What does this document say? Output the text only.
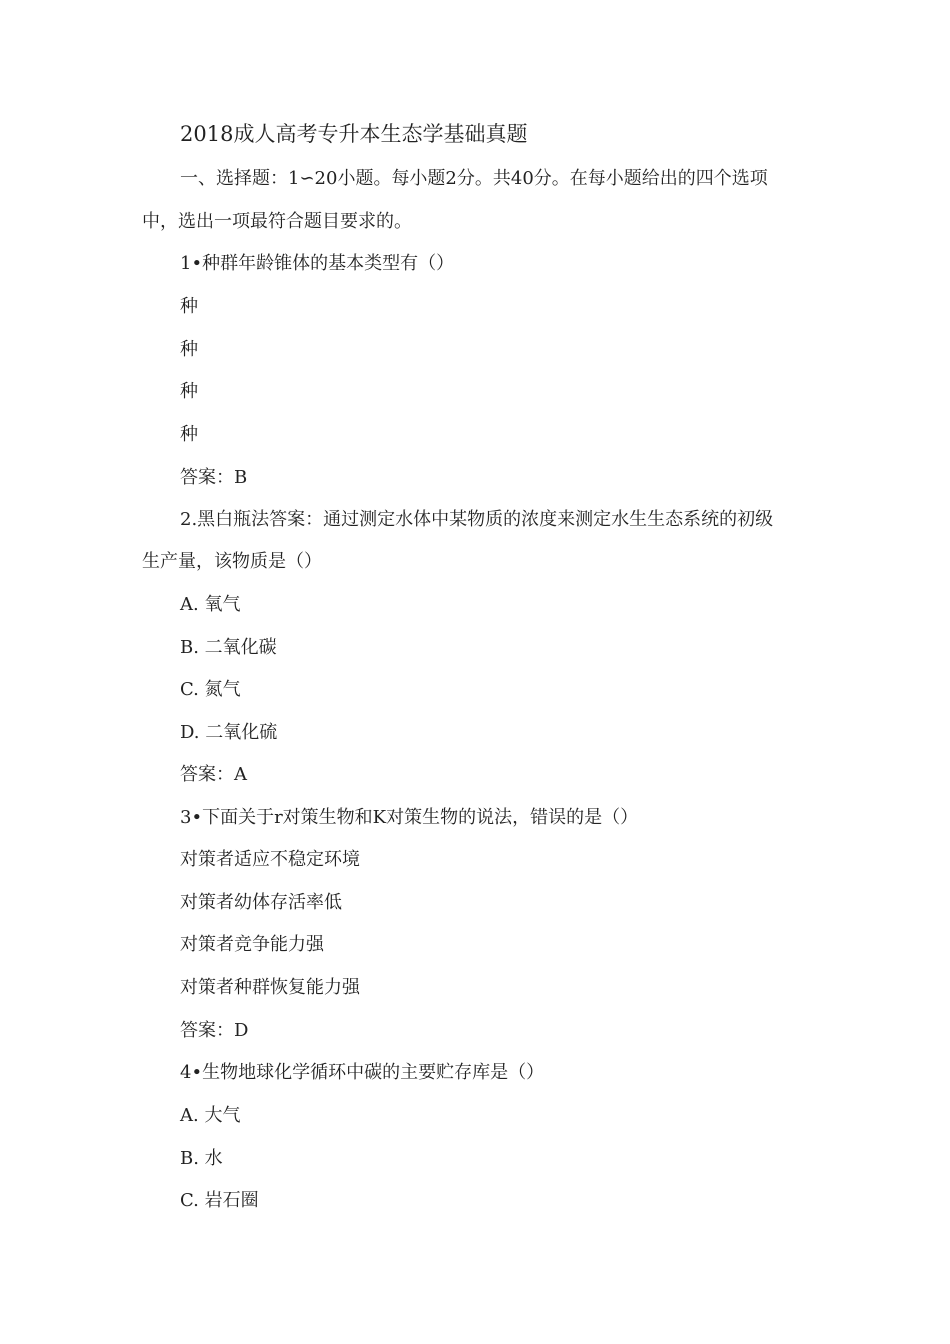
2018成人高考专升本生态学基础真题
一、选择题：1∽20小题。每小题2分。共40分。在每小题给出的四个选项
中，选出一项最符合题目要求的。
1•种群年龄锥体的基本类型有（）
种
种
种
种
答案：B
2.黑白瓶法答案：通过测定水体中某物质的浓度来测定水生生态系统的初级
生产量，该物质是（）
A. 氧气
B. 二氧化碳
C. 氮气
D. 二氧化硫
答案：A
3•下面关于r对策生物和K对策生物的说法，错误的是（）
对策者适应不稳定环境
对策者幼体存活率低
对策者竞争能力强
对策者种群恢复能力强
答案：D
4•生物地球化学循环中碳的主要贮存库是（）
A. 大气
B. 水
C. 岩石圈
